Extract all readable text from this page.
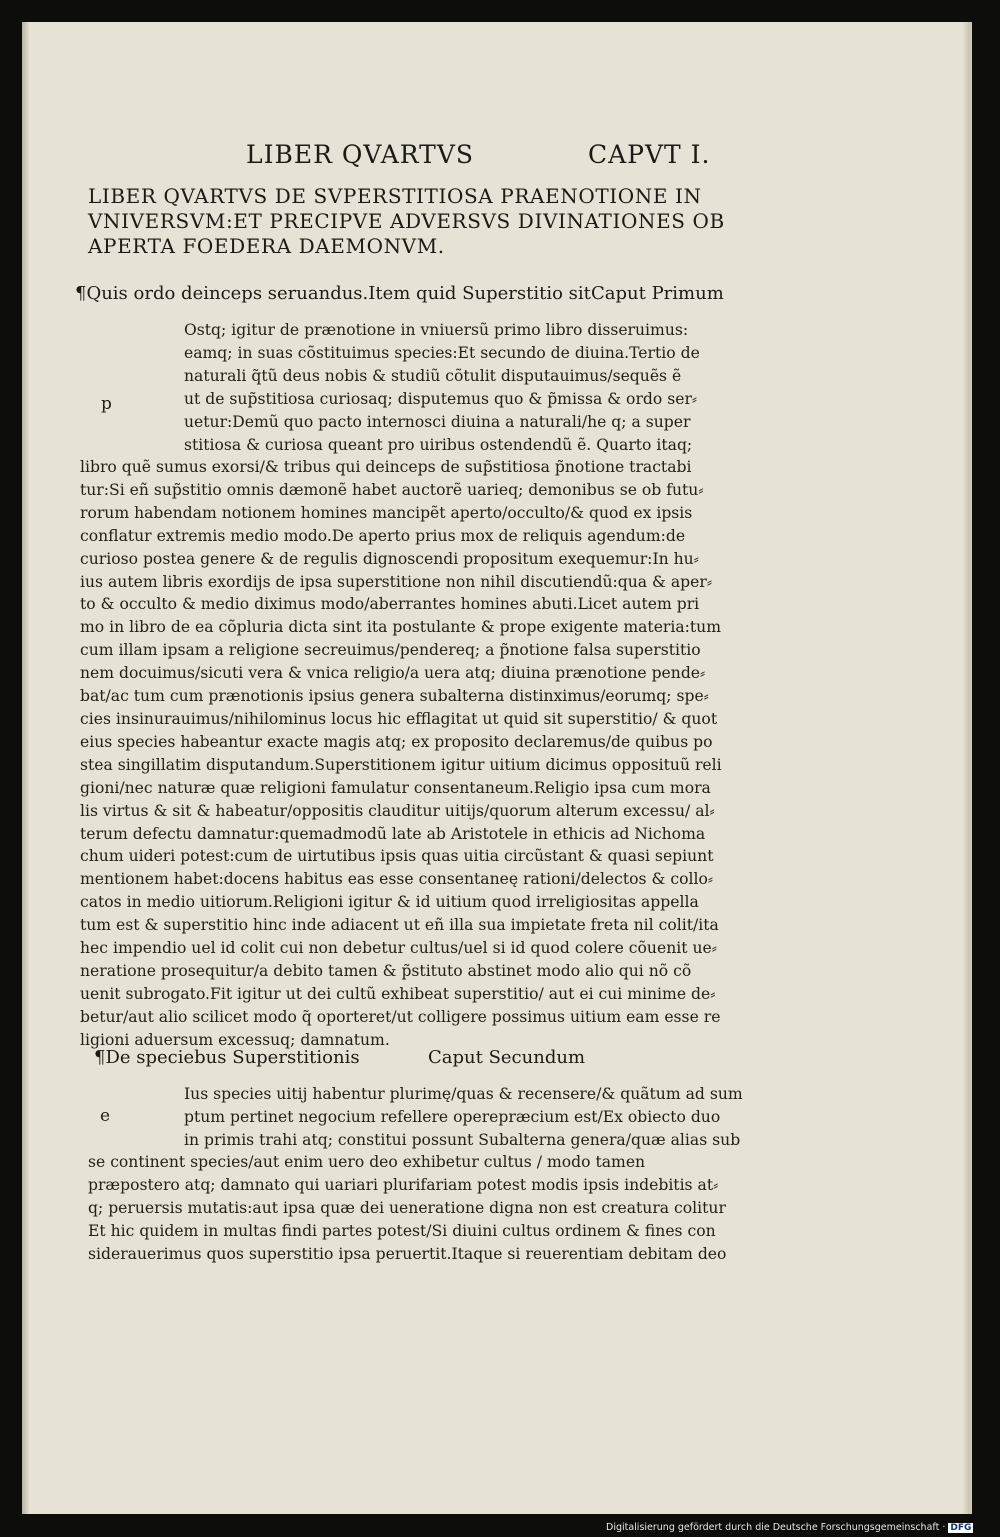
LIBER QVARTVS	CAPVT I.
LIBER QVARTVS DE SVPERSTITIOSA PRAENOTIONE IN
VNIVERSVM:ET PRECIPVE ADVERSVS DIVINATIONES OB
APERTA FOEDERA DAEMONVM.
¶Quis ordo deinceps seruandus.Item quid Superstitio sit Caput Primum
p
Ostq; igitur de prænotione in vniuersũ primo libro disseruimus:
eamq; in suas cõstituimus species:Et secundo de diuina.Tertio de
naturali q̃tũ deus nobis & studiũ cõtulit disputauimus/sequẽs ẽ
ut de sup̃stitiosa curiosaq; disputemus quo & p̃missa & ordo ser⸗
uetur:Demũ quo pacto internosci diuina a naturali/he q; a super
stitiosa & curiosa queant pro uiribus ostendendũ ẽ. Quarto itaq;
libro quẽ sumus exorsi/& tribus qui deinceps de sup̃stitiosa p̃notione tractabi
tur:Si eñ sup̃stitio omnis dæmonẽ habet auctorẽ uarieq; demonibus se ob futu⸗
rorum habendam notionem homines mancipẽt aperto/occulto/& quod ex ipsis
conflatur extremis medio modo.De aperto prius mox de reliquis agendum:de
curioso postea genere & de regulis dignoscendi propositum exequemur:In hu⸗
ius autem libris exordijs de ipsa superstitione non nihil discutiendũ:qua & aper⸗
to & occulto & medio diximus modo/aberrantes homines abuti.Licet autem pri
mo in libro de ea cõpluria dicta sint ita postulante & prope exigente materia:tum
cum illam ipsam a religione secreuimus/pendereq; a p̃notione falsa superstitio
nem docuimus/sicuti vera & vnica religio/a uera atq; diuina prænotione pende⸗
bat/ac tum cum prænotionis ipsius genera subalterna distinximus/eorumq; spe⸗
cies insinurauimus/nihilominus locus hic efflagitat ut quid sit superstitio/ & quot
eius species habeantur exacte magis atq; ex proposito declaremus/de quibus po
stea singillatim disputandum.Superstitionem igitur uitium dicimus opposituũ reli
gioni/nec naturæ quæ religioni famulatur consentaneum.Religio ipsa cum mora
lis virtus & sit & habeatur/oppositis clauditur uitijs/quorum alterum excessu/ al⸗
terum defectu damnatur:quemadmodũ late ab Aristotele in ethicis ad Nichoma
chum uideri potest:cum de uirtutibus ipsis quas uitia circũstant & quasi sepiunt
mentionem habet:docens habitus eas esse consentaneę rationi/delectos & collo⸗
catos in medio uitiorum.Religioni igitur & id uitium quod irreligiositas appella
tum est & superstitio hinc inde adiacent ut eñ illa sua impietate freta nil colit/ita
hec impendio uel id colit cui non debetur cultus/uel si id quod colere cõuenit ue⸗
neratione prosequitur/a debito tamen & p̃stituto abstinet modo alio qui nõ cõ
uenit subrogato.Fit igitur ut dei cultũ exhibeat superstitio/ aut ei cui minime de⸗
betur/aut alio scilicet modo q̃ oporteret/ut colligere possimus uitium eam esse re
ligioni aduersum excessuq; damnatum.
¶De speciebus Superstitionis	Caput Secundum
e
Ius species uitij habentur plurimę/quas & recensere/& quãtum ad sum
ptum pertinet negocium refellere operepræcium est/Ex obiecto duo
in primis trahi atq; constitui possunt Subalterna genera/quæ alias sub
se continent species/aut enim uero deo exhibetur cultus / modo tamen
præpostero atq; damnato qui uariari plurifariam potest modis ipsis indebitis at⸗
q; peruersis mutatis:aut ipsa quæ dei ueneratione digna non est creatura colitur
Et hic quidem in multas findi partes potest/Si diuini cultus ordinem & fines con
siderauerimus quos superstitio ipsa peruertit.Itaque si reuerentiam debitam deo
Digitalisierung gefördert durch die Deutsche Forschungsgemeinschaft · DFG
